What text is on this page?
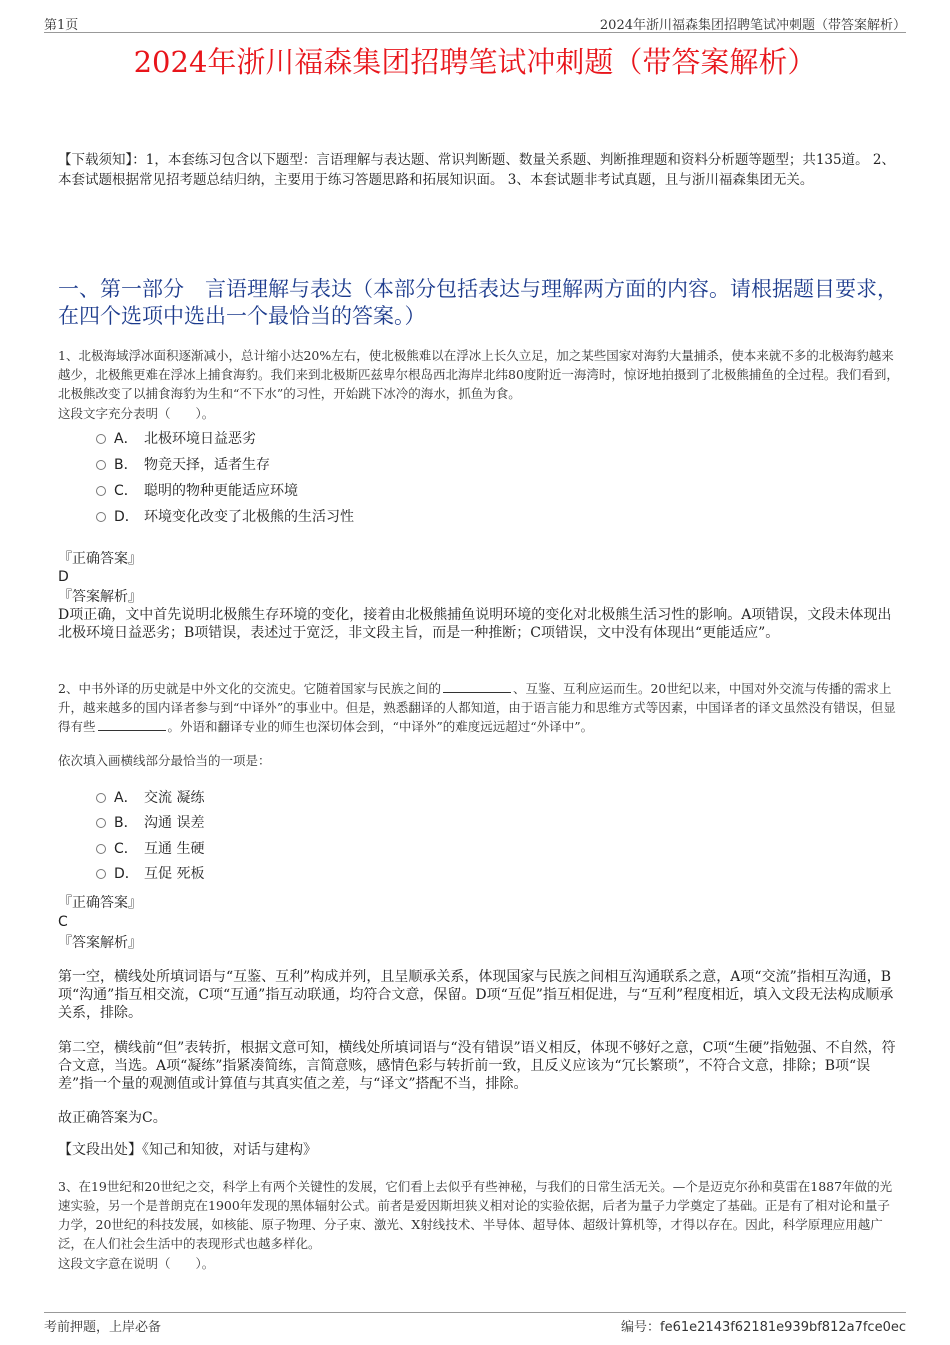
第1页	2024年浙川福森集团招聘笔试冲刺题（带答案解析）
2024年浙川福森集团招聘笔试冲刺题（带答案解析）
【下载须知】：1，本套练习包含以下题型：言语理解与表达题、常识判断题、数量关系题、判断推理题和资料分析题等题型；共135道。 2、本套试题根据常见招考题总结归纳，主要用于练习答题思路和拓展知识面。 3、本套试题非考试真题，且与浙川福森集团无关。
一、第一部分　言语理解与表达（本部分包括表达与理解两方面的内容。请根据题目要求，在四个选项中选出一个最恰当的答案。）
1、北极海域浮冰面积逐渐减小，总计缩小达20%左右，使北极熊难以在浮冰上长久立足，加之某些国家对海豹大量捕杀，使本来就不多的北极海豹越来越少，北极熊更难在浮冰上捕食海豹。我们来到北极斯匹兹卑尔根岛西北海岸北纬80度附近一海湾时，惊讶地拍摄到了北极熊捕鱼的全过程。我们看到，北极熊改变了以捕食海豹为生和“不下水”的习性，开始跳下冰冷的海水，抓鱼为食。
这段文字充分表明（　　）。
A． 北极环境日益恶劣
B． 物竞天择，适者生存
C． 聪明的物种更能适应环境
D． 环境变化改变了北极熊的生活习性
『正确答案』
D
『答案解析』
D项正确，文中首先说明北极熊生存环境的变化，接着由北极熊捕鱼说明环境的变化对北极熊生活习性的影响。A项错误，文段未体现出北极环境日益恶劣；B项错误，表述过于宽泛，非文段主旨，而是一种推断；C项错误，文中没有体现出“更能适应”。
2、中书外译的历史就是中外文化的交流史。它随着国家与民族之间的	、互鉴、互利应运而生。20世纪以来，中国对外交流与传播的需求上升，越来越多的国内译者参与到“中译外”的事业中。但是，熟悉翻译的人都知道，由于语言能力和思维方式等因素，中国译者的译文虽然没有错误，但显得有些	。外语和翻译专业的师生也深切体会到，“中译外”的难度远远超过“外译中”。
依次填入画横线部分最恰当的一项是：
A． 交流 凝练
B． 沟通 误差
C． 互通 生硬
D． 互促 死板
『正确答案』
C
『答案解析』
第一空，横线处所填词语与“互鉴、互利”构成并列，且呈顺承关系，体现国家与民族之间相互沟通联系之意，A项“交流”指相互沟通，B项“沟通”指互相交流，C项“互通”指互动联通，均符合文意，保留。D项“互促”指互相促进，与“互利”程度相近，填入文段无法构成顺承关系，排除。
第二空，横线前“但”表转折，根据文意可知，横线处所填词语与“没有错误”语义相反，体现不够好之意，C项“生硬”指勉强、不自然，符合文意，当选。A项“凝练”指紧凑简练，言简意赅，感情色彩与转折前一致，且反义应该为“冗长繁琐”，不符合文意，排除；B项“误差”指一个量的观测值或计算值与其真实值之差，与“译文”搭配不当，排除。
故正确答案为C。
【文段出处】《知己和知彼，对话与建构》
3、在19世纪和20世纪之交，科学上有两个关键性的发展，它们看上去似乎有些神秘，与我们的日常生活无关。—个是迈克尔孙和莫雷在1887年做的光速实验，另一个是普朗克在1900年发现的黑体辐射公式。前者是爱因斯坦狭义相对论的实验依据，后者为量子力学奠定了基础。正是有了相对论和量子力学，20世纪的科技发展，如核能、原子物理、分子束、激光、X射线技术、半导体、超导体、超级计算机等，才得以存在。因此，科学原理应用越广泛，在人们社会生活中的表现形式也越多样化。
这段文字意在说明（　　）。
考前押题，上岸必备	编号：fe61e2143f62181e939bf812a7fce0ec
